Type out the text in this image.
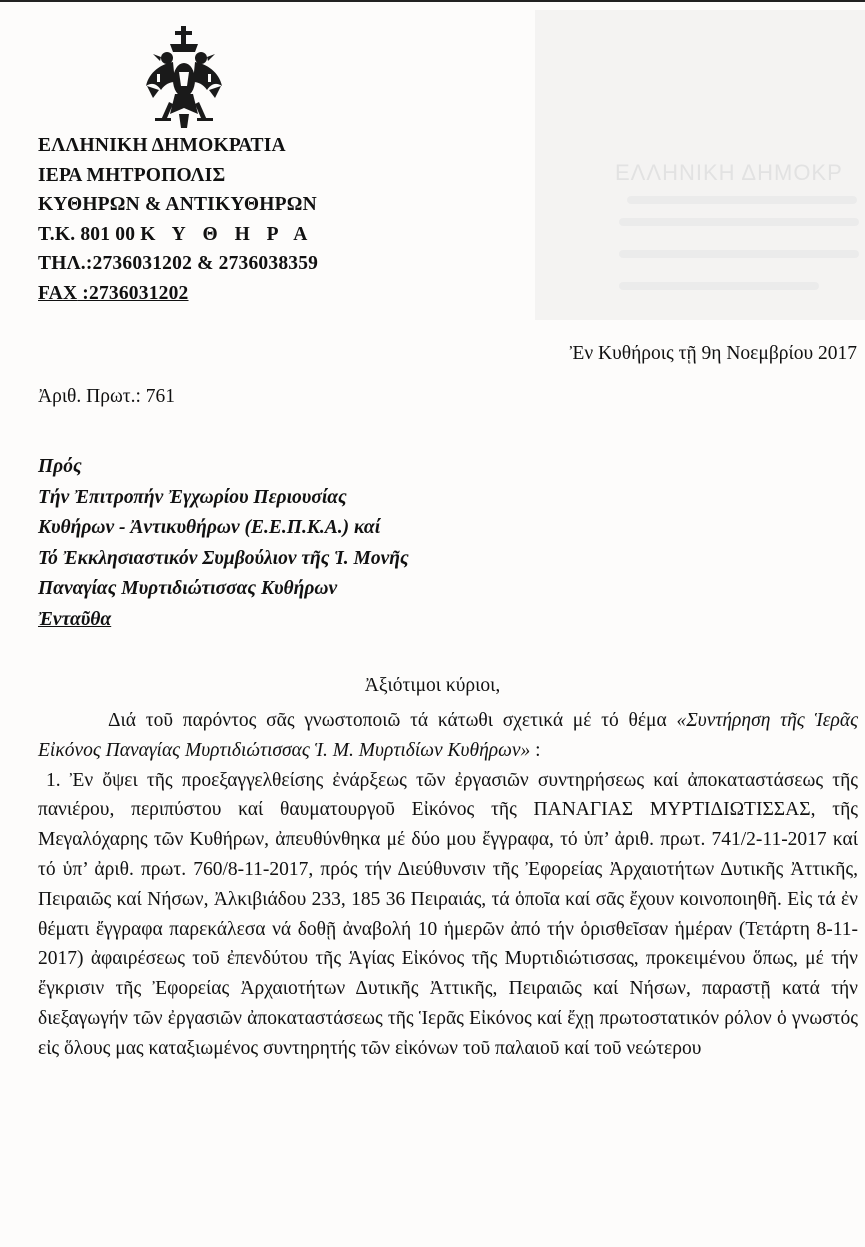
ΕΛΛΗΝΙΚΗ ΔΗΜΟΚΡ
ΕΛΛΗΝΙΚΗ ΔΗΜΟΚΡΑΤΙΑ
ΙΕΡΑ ΜΗΤΡΟΠΟΛΙΣ
ΚΥΘΗΡΩΝ & ΑΝΤΙΚΥΘΗΡΩΝ
Τ.Κ. 801 00 Κ Υ Θ Η Ρ Α
ΤΗΛ.:2736031202 & 2736038359
FAX :2736031202
Ἐν Κυθήροις τῇ 9η Νοεμβρίου 2017
Ἀριθ. Πρωτ.: 761
Πρός
Τήν Ἐπιτροπήν Ἐγχωρίου Περιουσίας
Κυθήρων - Ἀντικυθήρων (Ε.Ε.Π.Κ.Α.) καί
Τό Ἐκκλησιαστικόν Συμβούλιον τῆς Ἱ. Μονῆς
Παναγίας Μυρτιδιώτισσας Κυθήρων
Ἐνταῦθα
Ἀξιότιμοι κύριοι,

Διά τοῦ παρόντος σᾶς γνωστοποιῶ τά κάτωθι σχετικά μέ τό θέμα «Συντήρηση τῆς Ἱερᾶς Εἰκόνος Παναγίας Μυρτιδιώτισσας Ἱ. Μ. Μυρτιδίων Κυθήρων» :

1. Ἐν ὄψει τῆς προεξαγγελθείσης ἐνάρξεως τῶν ἐργασιῶν συντηρήσεως καί ἀποκαταστάσεως τῆς πανιέρου, περιπύστου καί θαυματουργοῦ Εἰκόνος τῆς ΠΑΝΑΓΙΑΣ ΜΥΡΤΙΔΙΩΤΙΣΣΑΣ, τῆς Μεγαλόχαρης τῶν Κυθήρων, ἀπευθύνθηκα μέ δύο μου ἔγγραφα, τό ὑπ’ ἀριθ. πρωτ. 741/2-11-2017 καί τό ὑπ’ ἀριθ. πρωτ. 760/8-11-2017, πρός τήν Διεύθυνσιν τῆς Ἐφορείας Ἀρχαιοτήτων Δυτικῆς Ἀττικῆς, Πειραιῶς καί Νήσων, Ἀλκιβιάδου 233, 185 36 Πειραιάς, τά ὁποῖα καί σᾶς ἔχουν κοινοποιηθῆ. Εἰς τά ἐν θέματι ἔγγραφα παρεκάλεσα νά δοθῇ ἀναβολή 10 ἡμερῶν ἀπό τήν ὁρισθεῖσαν ἡμέραν (Τετάρτη 8-11-2017) ἀφαιρέσεως τοῦ ἐπενδύτου τῆς Ἁγίας Εἰκόνος τῆς Μυρτιδιώτισσας, προκειμένου ὅπως, μέ τήν ἔγκρισιν τῆς Ἐφορείας Ἀρχαιοτήτων Δυτικῆς Ἀττικῆς, Πειραιῶς καί Νήσων, παραστῇ κατά τήν διεξαγωγήν τῶν ἐργασιῶν ἀποκαταστάσεως τῆς Ἱερᾶς Εἰκόνος καί ἔχῃ πρωτοστατικόν ρόλον ὁ γνωστός εἰς ὅλους μας καταξιωμένος συντηρητής τῶν εἰκόνων τοῦ παλαιοῦ καί τοῦ νεώτερου
